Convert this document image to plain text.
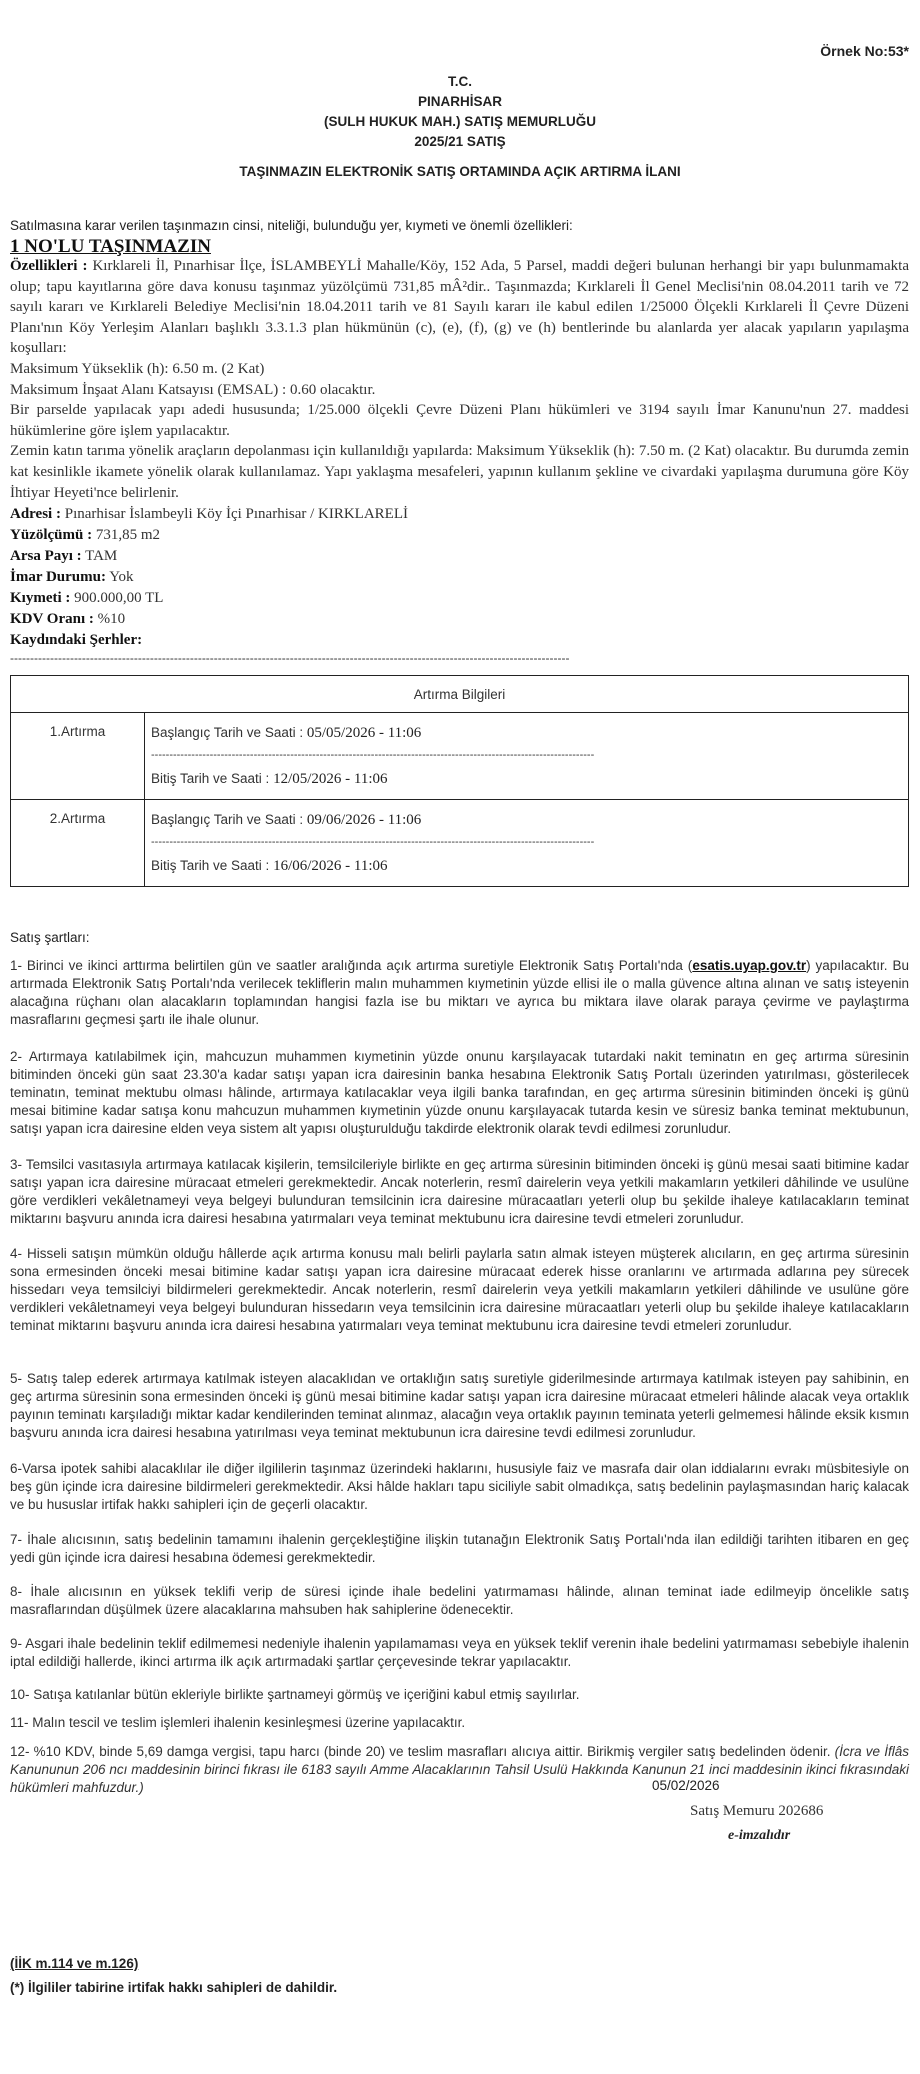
Örnek No:53*
T.C.
PINARHİSAR
(SULH HUKUK MAH.) SATIŞ MEMURLUĞU
2025/21 SATIŞ
TAŞINMAZIN ELEKTRONİK SATIŞ ORTAMINDA AÇIK ARTIRMA İLANI
Satılmasına karar verilen taşınmazın cinsi, niteliği, bulunduğu yer, kıymeti ve önemli özellikleri:
1 NO'LU TAŞINMAZIN

Özellikleri : Kırklareli İl, Pınarhisar İlçe, İSLAMBEYLİ Mahalle/Köy, 152 Ada, 5 Parsel, maddi değeri bulunan herhangi bir yapı bulunmamakta olup; tapu kayıtlarına göre dava konusu taşınmaz yüzölçümü 731,85 mÂ²dir.. Taşınmazda; Kırklareli İl Genel Meclisi'nin 08.04.2011 tarih ve 72 sayılı kararı ve Kırklareli Belediye Meclisi'nin 18.04.2011 tarih ve 81 Sayılı kararı ile kabul edilen 1/25000 Ölçekli Kırklareli İl Çevre Düzeni Planı'nın Köy Yerleşim Alanları başlıklı 3.3.1.3 plan hükmünün (c), (e), (f), (g) ve (h) bentlerinde bu alanlarda yer alacak yapıların yapılaşma koşulları:

Maksimum Yükseklik (h): 6.50 m. (2 Kat)

Maksimum İnşaat Alanı Katsayısı (EMSAL) : 0.60 olacaktır.

Bir parselde yapılacak yapı adedi hususunda; 1/25.000 ölçekli Çevre Düzeni Planı hükümleri ve 3194 sayılı İmar Kanunu'nun 27. maddesi hükümlerine göre işlem yapılacaktır.

Zemin katın tarıma yönelik araçların depolanması için kullanıldığı yapılarda: Maksimum Yükseklik (h): 7.50 m. (2 Kat) olacaktır. Bu durumda zemin kat kesinlikle ikamete yönelik olarak kullanılamaz. Yapı yaklaşma mesafeleri, yapının kullanım şekline ve civardaki yapılaşma durumuna göre Köy İhtiyar Heyeti'nce belirlenir.

Adresi : Pınarhisar İslambeyli Köy İçi Pınarhisar / KIRKLARELİ
Yüzölçümü : 731,85 m2
Arsa Payı : TAM
İmar Durumu: Yok
Kıymeti : 900.000,00 TL
KDV Oranı : %10
Kaydındaki Şerhler:
--------------------------------------------------------------------------------------------------------------------------------------------
Artırma Bilgileri	
1.Artırma	Başlangıç Tarih ve Saati : 05/05/2026 - 11:06
-------------------------------------------------------------------------------------------------------------------------
Bitiş Tarih ve Saati : 12/05/2026 - 11:06

2.Artırma	Başlangıç Tarih ve Saati : 09/06/2026 - 11:06
-------------------------------------------------------------------------------------------------------------------------
Bitiş Tarih ve Saati : 16/06/2026 - 11:06
Satış şartları:

1- Birinci ve ikinci arttırma belirtilen gün ve saatler aralığında açık artırma suretiyle Elektronik Satış Portalı'nda (esatis.uyap.gov.tr) yapılacaktır. Bu artırmada Elektronik Satış Portalı'nda verilecek tekliflerin malın muhammen kıymetinin yüzde ellisi ile o malla güvence altına alınan ve satış isteyenin alacağına rüçhanı olan alacakların toplamından hangisi fazla ise bu miktarı ve ayrıca bu miktara ilave olarak paraya çevirme ve paylaştırma masraflarını geçmesi şartı ile ihale olunur.

2- Artırmaya katılabilmek için, mahcuzun muhammen kıymetinin yüzde onunu karşılayacak tutardaki nakit teminatın en geç artırma süresinin bitiminden önceki gün saat 23.30'a kadar satışı yapan icra dairesinin banka hesabına Elektronik Satış Portalı üzerinden yatırılması, gösterilecek teminatın, teminat mektubu olması hâlinde, artırmaya katılacaklar veya ilgili banka tarafından, en geç artırma süresinin bitiminden önceki iş günü mesai bitimine kadar satışa konu mahcuzun muhammen kıymetinin yüzde onunu karşılayacak tutarda kesin ve süresiz banka teminat mektubunun, satışı yapan icra dairesine elden veya sistem alt yapısı oluşturulduğu takdirde elektronik olarak tevdi edilmesi zorunludur.

3- Temsilci vasıtasıyla artırmaya katılacak kişilerin, temsilcileriyle birlikte en geç artırma süresinin bitiminden önceki iş günü mesai saati bitimine kadar satışı yapan icra dairesine müracaat etmeleri gerekmektedir. Ancak noterlerin, resmî dairelerin veya yetkili makamların yetkileri dâhilinde ve usulüne göre verdikleri vekâletnameyi veya belgeyi bulunduran temsilcinin icra dairesine müracaatları yeterli olup bu şekilde ihaleye katılacakların teminat miktarını başvuru anında icra dairesi hesabına yatırmaları veya teminat mektubunu icra dairesine tevdi etmeleri zorunludur.

4- Hisseli satışın mümkün olduğu hâllerde açık artırma konusu malı belirli paylarla satın almak isteyen müşterek alıcıların, en geç artırma süresinin sona ermesinden önceki mesai bitimine kadar satışı yapan icra dairesine müracaat ederek hisse oranlarını ve artırmada adlarına pey sürecek hissedarı veya temsilciyi bildirmeleri gerekmektedir. Ancak noterlerin, resmî dairelerin veya yetkili makamların yetkileri dâhilinde ve usulüne göre verdikleri vekâletnameyi veya belgeyi bulunduran hissedarın veya temsilcinin icra dairesine müracaatları yeterli olup bu şekilde ihaleye katılacakların teminat miktarını başvuru anında icra dairesi hesabına yatırmaları veya teminat mektubunu icra dairesine tevdi etmeleri zorunludur.

5- Satış talep ederek artırmaya katılmak isteyen alacaklıdan ve ortaklığın satış suretiyle giderilmesinde artırmaya katılmak isteyen pay sahibinin, en geç artırma süresinin sona ermesinden önceki iş günü mesai bitimine kadar satışı yapan icra dairesine müracaat etmeleri hâlinde alacak veya ortaklık payının teminatı karşıladığı miktar kadar kendilerinden teminat alınmaz, alacağın veya ortaklık payının teminata yeterli gelmemesi hâlinde eksik kısmın başvuru anında icra dairesi hesabına yatırılması veya teminat mektubunun icra dairesine tevdi edilmesi zorunludur.

6-Varsa ipotek sahibi alacaklılar ile diğer ilgililerin taşınmaz üzerindeki haklarını, hususiyle faiz ve masrafa dair olan iddialarını evrakı müsbitesiyle on beş gün içinde icra dairesine bildirmeleri gerekmektedir. Aksi hâlde hakları tapu siciliyle sabit olmadıkça, satış bedelinin paylaşmasından hariç kalacak ve bu hususlar irtifak hakkı sahipleri için de geçerli olacaktır.

7- İhale alıcısının, satış bedelinin tamamını ihalenin gerçekleştiğine ilişkin tutanağın Elektronik Satış Portalı'nda ilan edildiği tarihten itibaren en geç yedi gün içinde icra dairesi hesabına ödemesi gerekmektedir.

8- İhale alıcısının en yüksek teklifi verip de süresi içinde ihale bedelini yatırmaması hâlinde, alınan teminat iade edilmeyip öncelikle satış masraflarından düşülmek üzere alacaklarına mahsuben hak sahiplerine ödenecektir.

9- Asgari ihale bedelinin teklif edilmemesi nedeniyle ihalenin yapılamaması veya en yüksek teklif verenin ihale bedelini yatırmaması sebebiyle ihalenin iptal edildiği hallerde, ikinci artırma ilk açık artırmadaki şartlar çerçevesinde tekrar yapılacaktır.

10- Satışa katılanlar bütün ekleriyle birlikte şartnameyi görmüş ve içeriğini kabul etmiş sayılırlar.

11- Malın tescil ve teslim işlemleri ihalenin kesinleşmesi üzerine yapılacaktır.

12- %10 KDV, binde 5,69 damga vergisi, tapu harcı (binde 20) ve teslim masrafları alıcıya aittir. Birikmiş vergiler satış bedelinden ödenir. (İcra ve İflâs Kanununun 206 ncı maddesinin birinci fıkrası ile 6183 sayılı Amme Alacaklarının Tahsil Usulü Hakkında Kanunun 21 inci maddesinin ikinci fıkrasındaki hükümleri mahfuzdur.)	05/02/2026
Satış Memuru 202686
e-imzalıdır
(İİK m.114 ve m.126)
(*) İlgililer tabirine irtifak hakkı sahipleri de dahildir.
